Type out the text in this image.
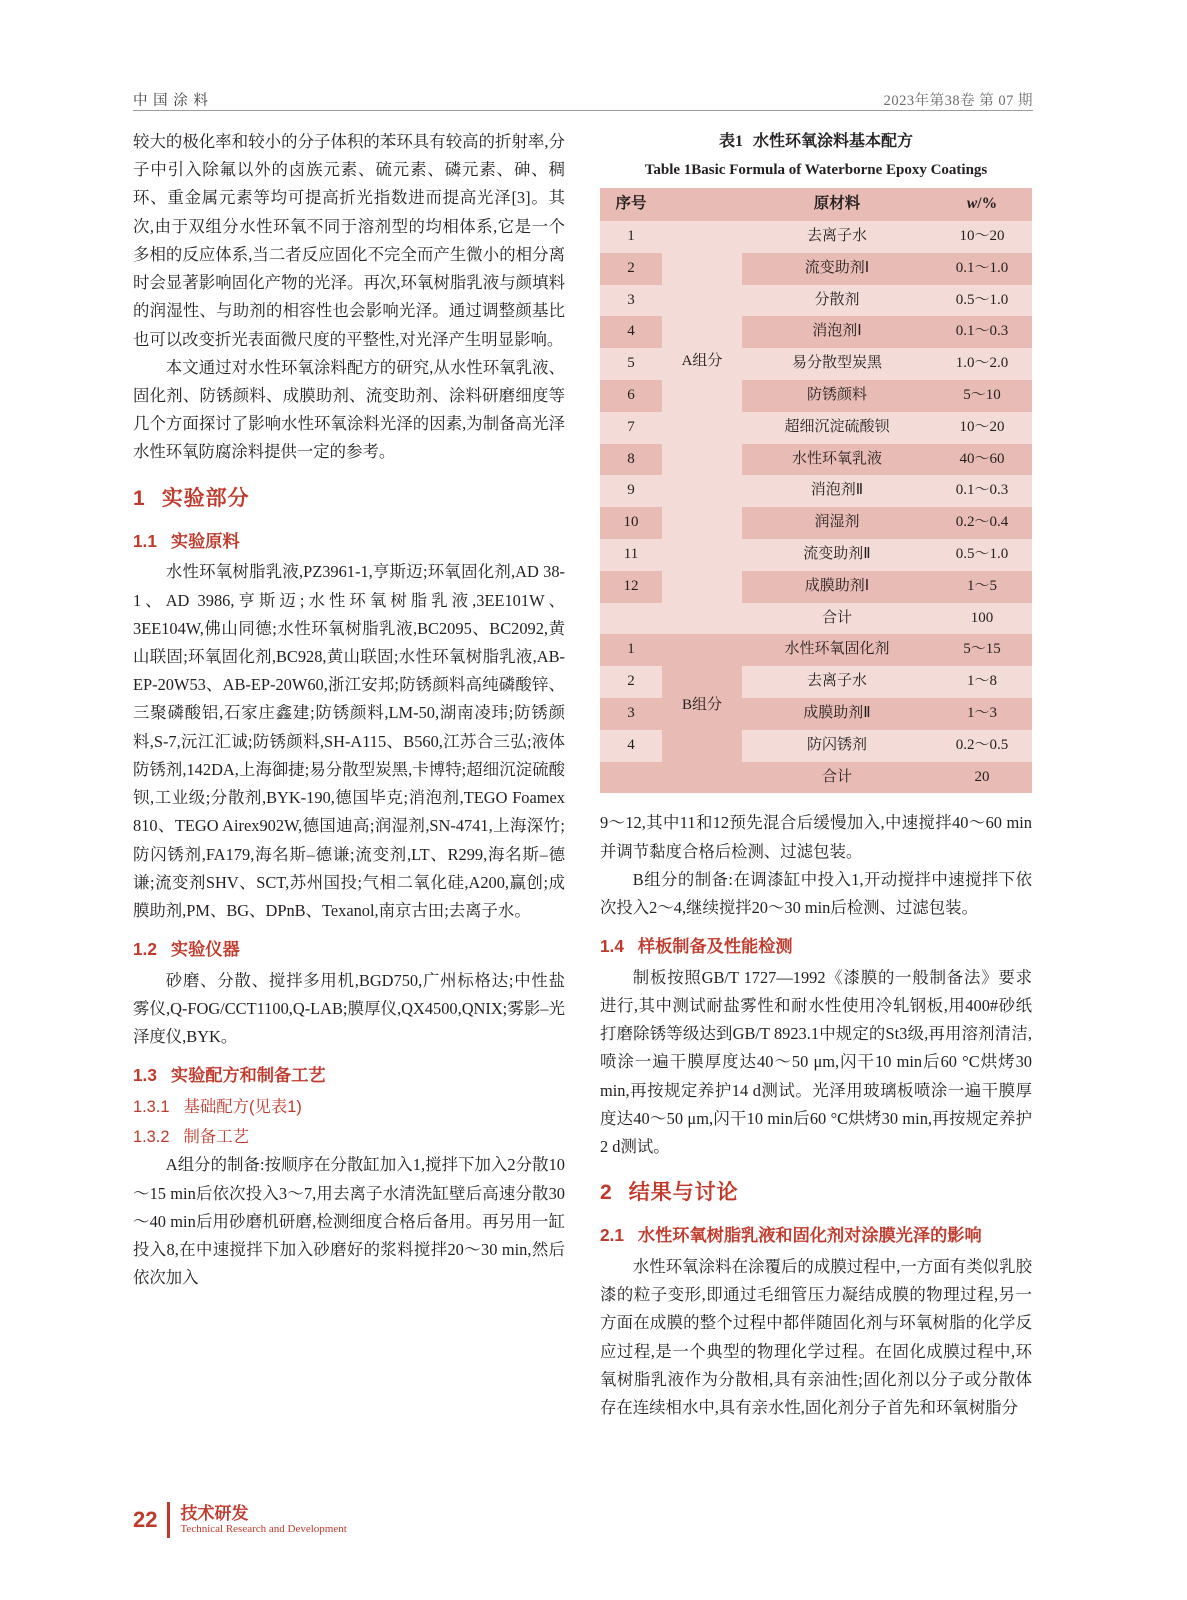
中 国 涂 料	2023年第38卷 第 07 期

较大的极化率和较小的分子体积的苯环具有较高的折射率,分子中引入除氟以外的卤族元素、硫元素、磷元素、砷、稠环、重金属元素等均可提高折光指数进而提高光泽[3]。其次,由于双组分水性环氧不同于溶剂型的均相体系,它是一个多相的反应体系,当二者反应固化不完全而产生微小的相分离时会显著影响固化产物的光泽。再次,环氧树脂乳液与颜填料的润湿性、与助剂的相容性也会影响光泽。通过调整颜基比也可以改变折光表面微尺度的平整性,对光泽产生明显影响。

本文通过对水性环氧涂料配方的研究,从水性环氧乳液、固化剂、防锈颜料、成膜助剂、流变助剂、涂料研磨细度等几个方面探讨了影响水性环氧涂料光泽的因素,为制备高光泽水性环氧防腐涂料提供一定的参考。

1 实验部分
1.1 实验原料

水性环氧树脂乳液,PZ3961-1,亨斯迈;环氧固化剂,AD 38-1、AD 3986,亨斯迈;水性环氧树脂乳液,3EE101W、3EE104W,佛山同德;水性环氧树脂乳液,BC2095、BC2092,黄山联固;环氧固化剂,BC928,黄山联固;水性环氧树脂乳液,AB-EP-20W53、AB-EP-20W60,浙江安邦;防锈颜料高纯磷酸锌、三聚磷酸铝,石家庄鑫建;防锈颜料,LM-50,湖南凌玮;防锈颜料,S-7,沅江汇诚;防锈颜料,SH-A115、B560,江苏合三弘;液体防锈剂,142DA,上海御捷;易分散型炭黑,卡博特;超细沉淀硫酸钡,工业级;分散剂,BYK-190,德国毕克;消泡剂,TEGO Foamex 810、TEGO Airex902W,德国迪高;润湿剂,SN-4741,上海深竹;防闪锈剂,FA179,海名斯–德谦;流变剂,LT、R299,海名斯–德谦;流变剂SHV、SCT,苏州国投;气相二氧化硅,A200,赢创;成膜助剂,PM、BG、DPnB、Texanol,南京古田;去离子水。

1.2 实验仪器

砂磨、分散、搅拌多用机,BGD750,广州标格达;中性盐雾仪,Q-FOG/CCT1100,Q-LAB;膜厚仪,QX4500,QNIX;雾影–光泽度仪,BYK。

1.3 实验配方和制备工艺
1.3.1 基础配方(见表1)
1.3.2 制备工艺

A组分的制备:按顺序在分散缸加入1,搅拌下加入2分散10～15 min后依次投入3～7,用去离子水清洗缸壁后高速分散30～40 min后用砂磨机研磨,检测细度合格后备用。再另用一缸投入8,在中速搅拌下加入砂磨好的浆料搅拌20～30 min,然后依次加入

表1 水性环氧涂料基本配方
Table 1Basic Formula of Waterborne Epoxy Coatings
序号		原材料	w/%
1		去离子水	10～20
2		流变助剂Ⅰ	0.1～1.0
3		分散剂	0.5～1.0
4		消泡剂Ⅰ	0.1～0.3
5		易分散型炭黑	1.0～2.0
6		防锈颜料	5～10
7		超细沉淀硫酸钡	10～20
8		水性环氧乳液	40～60
9		消泡剂Ⅱ	0.1～0.3
10		润湿剂	0.2～0.4
11		流变助剂Ⅱ	0.5～1.0
12		成膜助剂Ⅰ	1～5
		合计	100
1		水性环氧固化剂	5～15
2		去离子水	1～8
3		成膜助剂Ⅱ	1～3
4		防闪锈剂	0.2～0.5
		合计	20
A组分
B组分

9～12,其中11和12预先混合后缓慢加入,中速搅拌40～60 min并调节黏度合格后检测、过滤包装。

B组分的制备:在调漆缸中投入1,开动搅拌中速搅拌下依次投入2～4,继续搅拌20～30 min后检测、过滤包装。

1.4 样板制备及性能检测

制板按照GB/T 1727—1992《漆膜的一般制备法》要求进行,其中测试耐盐雾性和耐水性使用冷轧钢板,用400#砂纸打磨除锈等级达到GB/T 8923.1中规定的St3级,再用溶剂清洁,喷涂一遍干膜厚度达40～50 μm,闪干10 min后60 °C烘烤30 min,再按规定养护14 d测试。光泽用玻璃板喷涂一遍干膜厚度达40～50 μm,闪干10 min后60 °C烘烤30 min,再按规定养护2 d测试。

2 结果与讨论
2.1 水性环氧树脂乳液和固化剂对涂膜光泽的影响

水性环氧涂料在涂覆后的成膜过程中,一方面有类似乳胶漆的粒子变形,即通过毛细管压力凝结成膜的物理过程,另一方面在成膜的整个过程中都伴随固化剂与环氧树脂的化学反应过程,是一个典型的物理化学过程。在固化成膜过程中,环氧树脂乳液作为分散相,具有亲油性;固化剂以分子或分散体存在连续相水中,具有亲水性,固化剂分子首先和环氧树脂分

22 技术研发
Technical Research and Development
